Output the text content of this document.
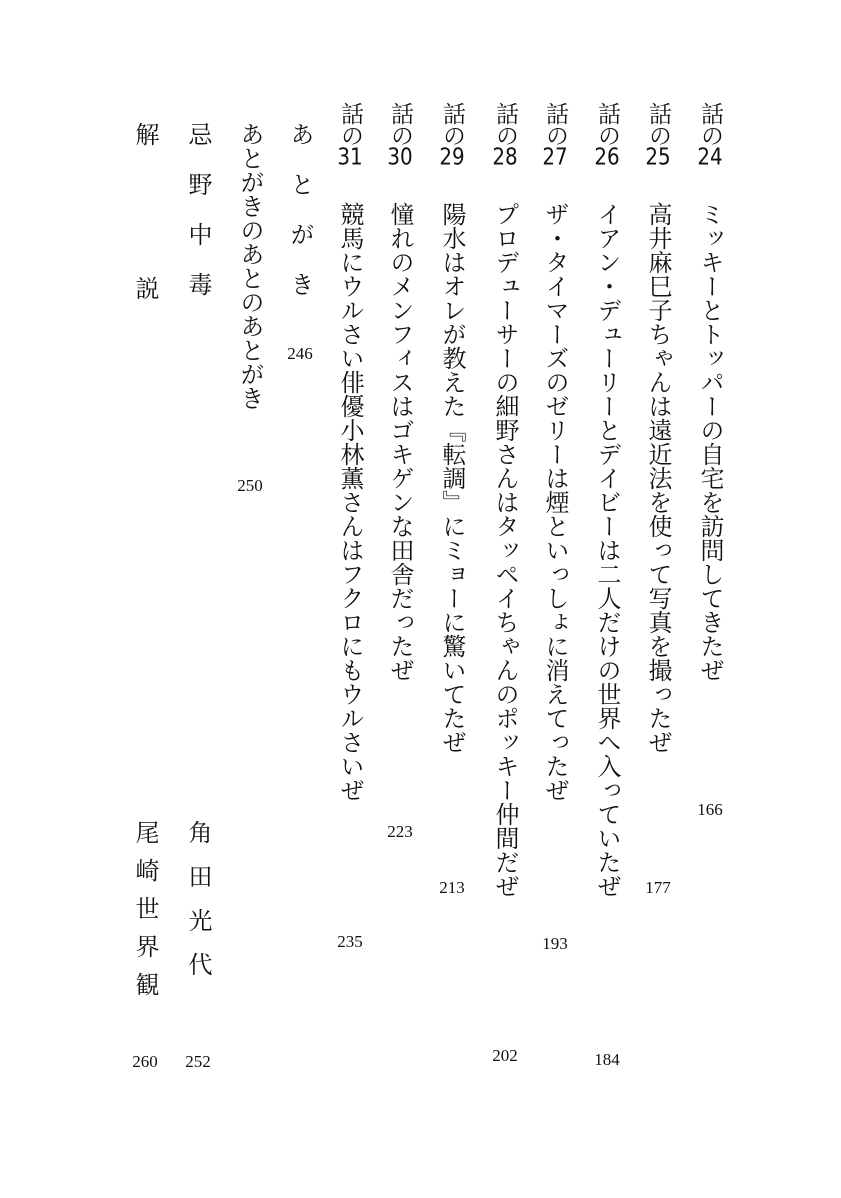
話の24
ミッキーとトッパーの自宅を訪問してきたぜ
166
話の25
高井麻巳子ちゃんは遠近法を使って写真を撮ったぜ
177
話の26
イアン・デューリーとデイビーは二人だけの世界へ入っていたぜ
184
話の27
ザ・タイマーズのゼリーは煙といっしょに消えてったぜ
193
話の28
プロデューサーの細野さんはタッペイちゃんのポッキー仲間だぜ
202
話の29
陽水はオレが教えた『転調』にミョーに驚いてたぜ
213
話の30
憧れのメンフィスはゴキゲンな田舎だったぜ
223
話の31
競馬にウルさい俳優小林薫さんはフクロにもウルさいぜ
235
あとがき
246
あとがきのあとのあとがき
250
忌野中毒
角田光代
252
解説
尾崎世界観
260
